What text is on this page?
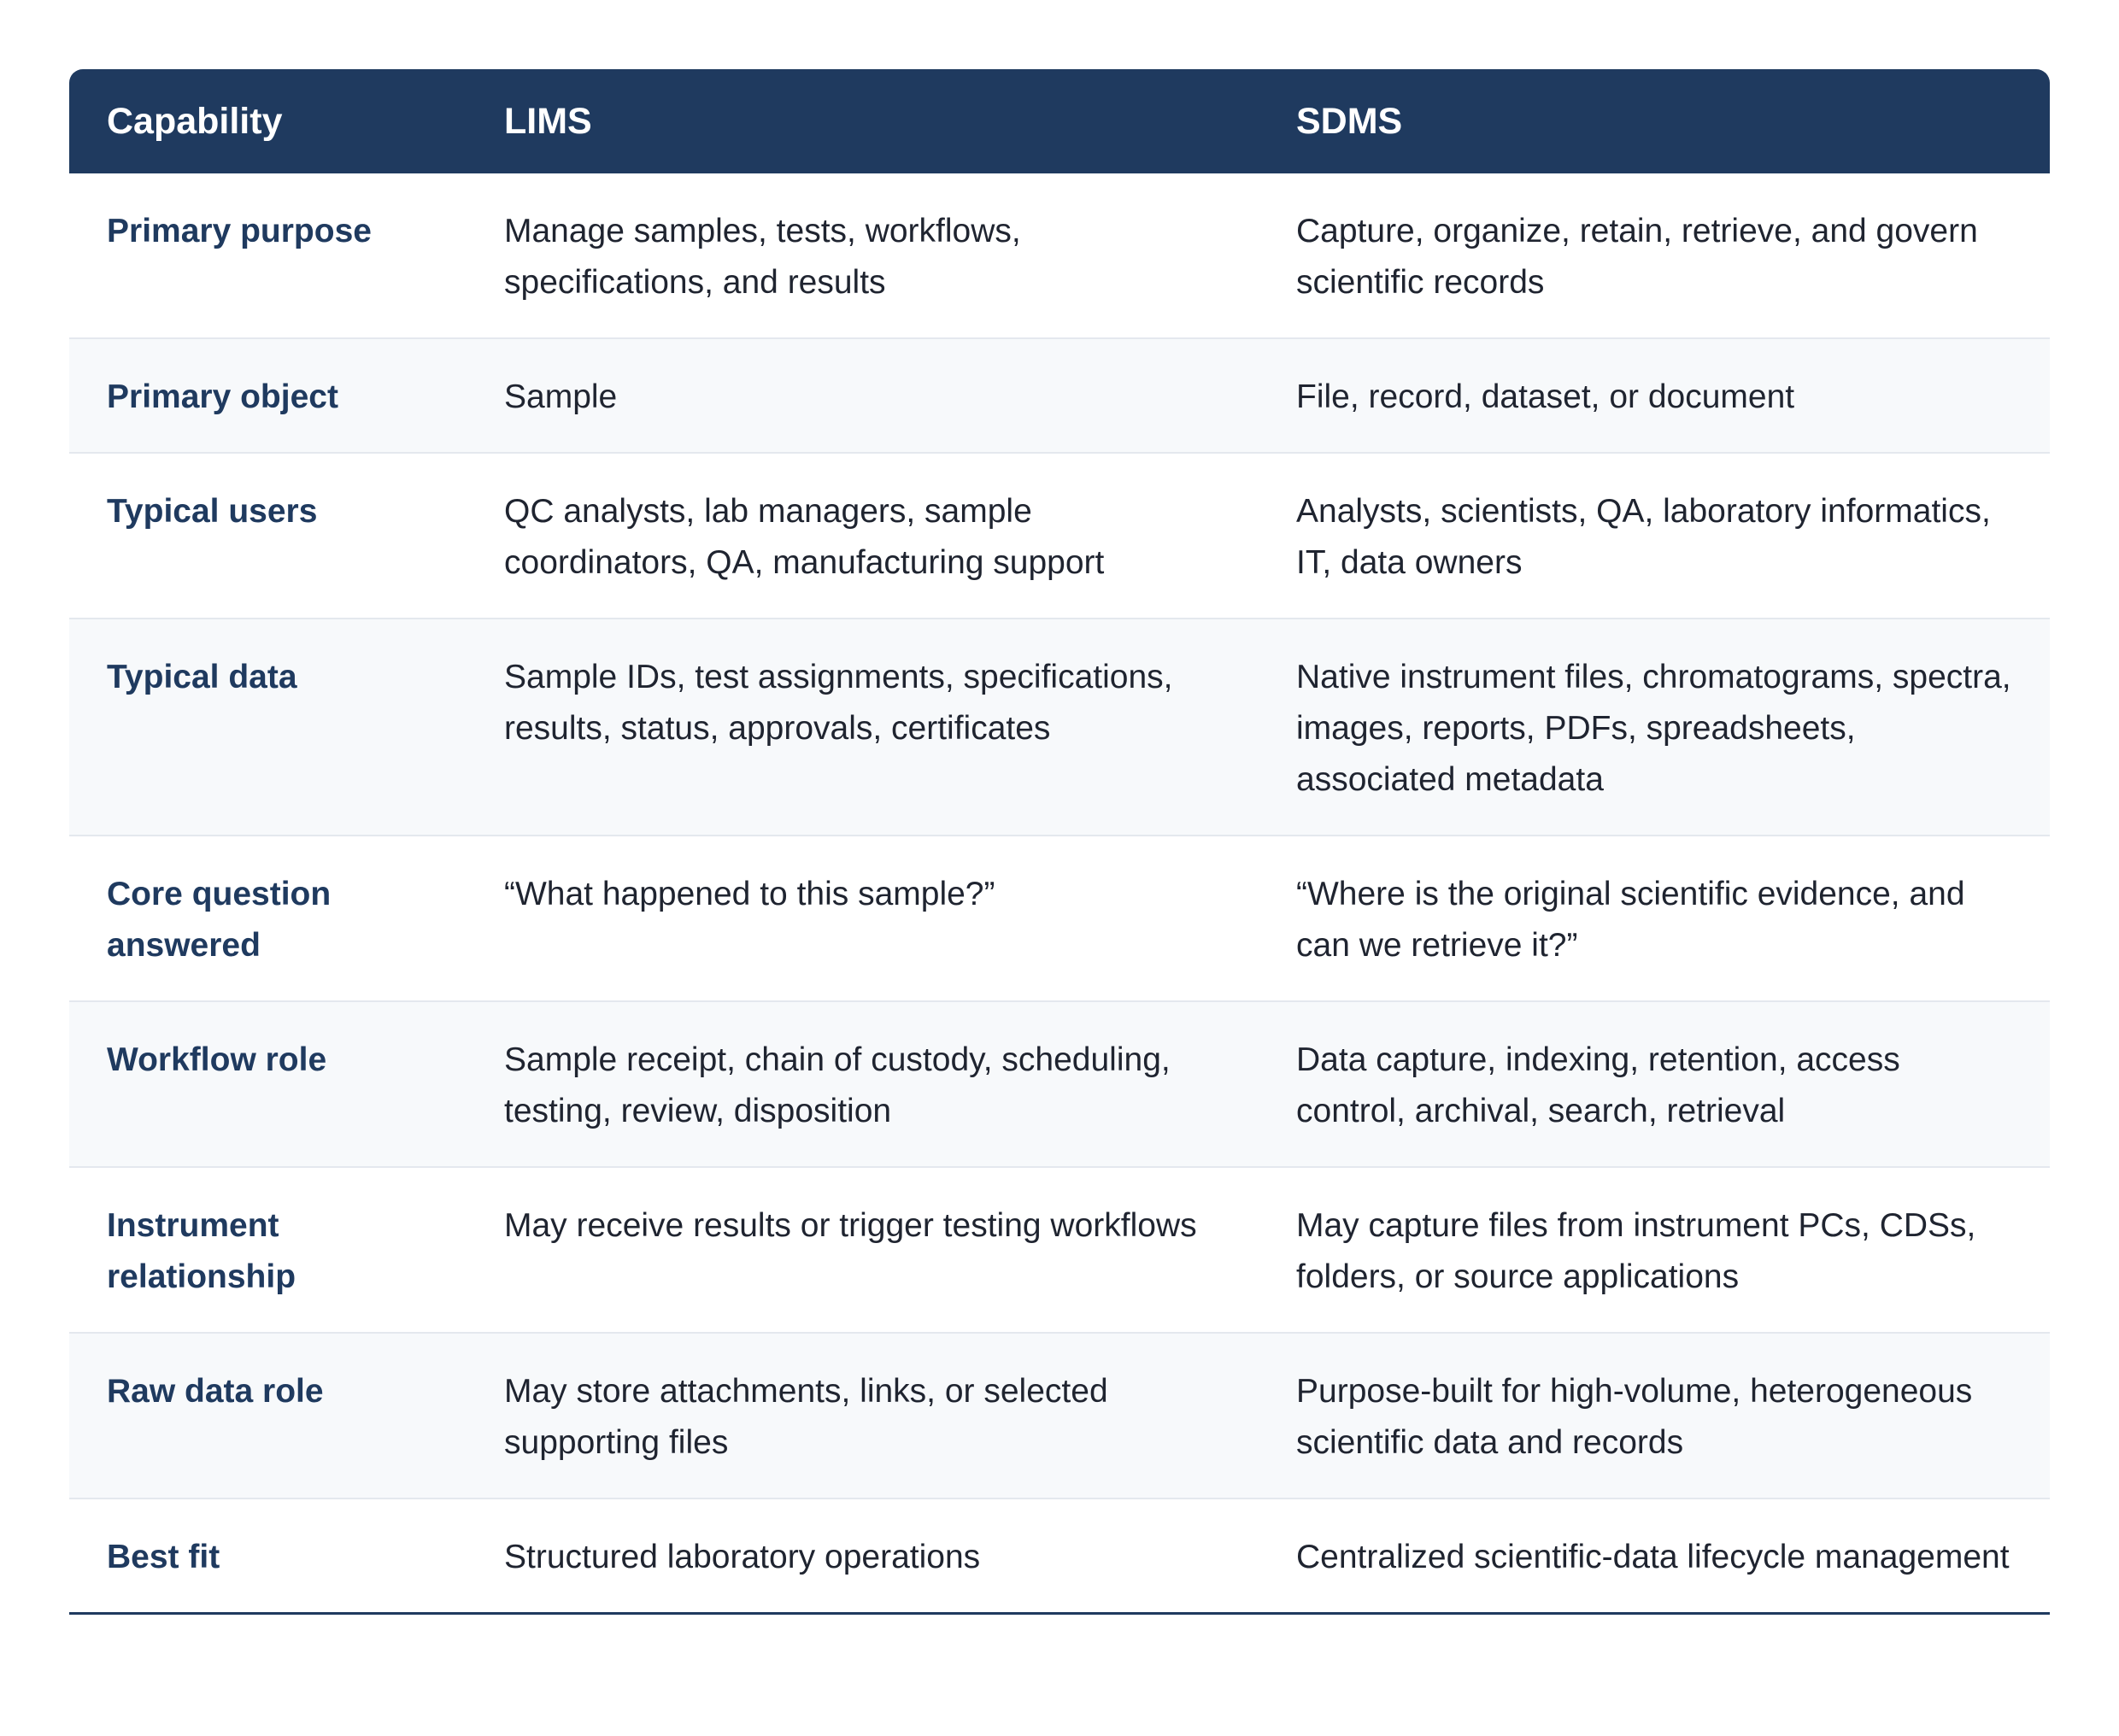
Capability	LIMS	SDMS
Primary purpose	Manage samples, tests, workflows, specifications, and results	Capture, organize, retain, retrieve, and govern scientific records
Primary object	Sample	File, record, dataset, or document
Typical users	QC analysts, lab managers, sample coordinators, QA, manufacturing support	Analysts, scientists, QA, laboratory informatics, IT, data owners
Typical data	Sample IDs, test assignments, specifications, results, status, approvals, certificates	Native instrument files, chromatograms, spectra, images, reports, PDFs, spreadsheets, associated metadata
Core question answered	“What happened to this sample?”	“Where is the original scientific evidence, and can we retrieve it?”
Workflow role	Sample receipt, chain of custody, scheduling, testing, review, disposition	Data capture, indexing, retention, access control, archival, search, retrieval
Instrument relationship	May receive results or trigger testing workflows	May capture files from instrument PCs, CDSs, folders, or source applications
Raw data role	May store attachments, links, or selected supporting files	Purpose-built for high-volume, heterogeneous scientific data and records
Best fit	Structured laboratory operations	Centralized scientific-data lifecycle management
